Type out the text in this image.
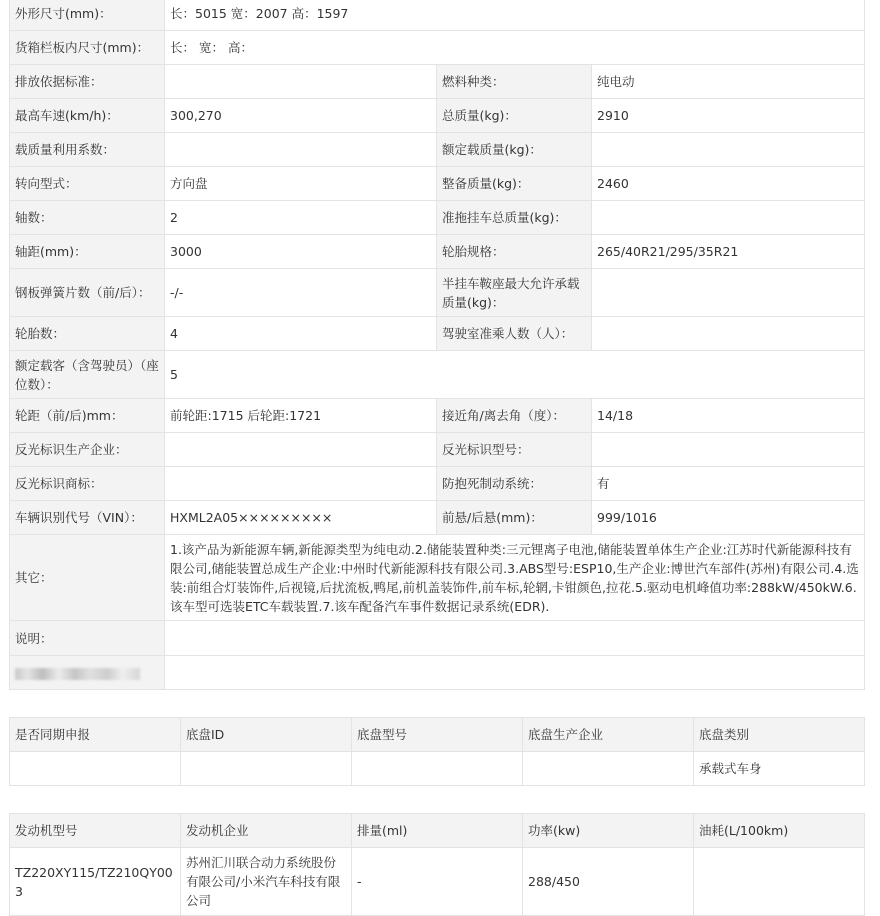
外形尺寸(mm)：	长：5015 宽：2007 高：1597		
货箱栏板内尺寸(mm)：	长： 宽： 高：		
排放依据标准：		燃料种类：	纯电动
最高车速(km/h)：	300,270	总质量(kg)：	2910
载质量利用系数：		额定载质量(kg)：	
转向型式：	方向盘	整备质量(kg)：	2460
轴数：	2	准拖挂车总质量(kg)：	
轴距(mm)：	3000	轮胎规格：	265/40R21/295/35R21
钢板弹簧片数（前/后）：	-/-	半挂车鞍座最大允许承载质量(kg)：	
轮胎数：	4	驾驶室准乘人数（人）：	
额定载客（含驾驶员）（座位数）：	5		
轮距（前/后)mm：	前轮距:1715 后轮距:1721	接近角/离去角（度）：	14/18
反光标识生产企业：		反光标识型号：	
反光标识商标：		防抱死制动系统：	有
车辆识别代号（VIN）：	HXML2A05×××××××××	前悬/后悬(mm)：	999/1016
其它：	1.该产品为新能源车辆,新能源类型为纯电动.2.储能装置种类:三元锂离子电池,储能装置单体生产企业:江苏时代新能源科技有限公司,储能装置总成生产企业:中州时代新能源科技有限公司.3.ABS型号:ESP10,生产企业:博世汽车部件(苏州)有限公司.4.选装:前组合灯装饰件,后视镜,后扰流板,鸭尾,前机盖装饰件,前车标,轮辋,卡钳颜色,拉花.5.驱动电机峰值功率:288kW/450kW.6.该车型可选装ETC车载装置.7.该车配备汽车事件数据记录系统(EDR).		
说明：			

是否同期申报	底盘ID	底盘型号	底盘生产企业	底盘类别
				承载式车身
发动机型号	发动机企业	排量(ml)	功率(kw)	油耗(L/100km)
TZ220XY115/TZ210QY003	苏州汇川联合动力系统股份有限公司/小米汽车科技有限公司	-	288/450	
